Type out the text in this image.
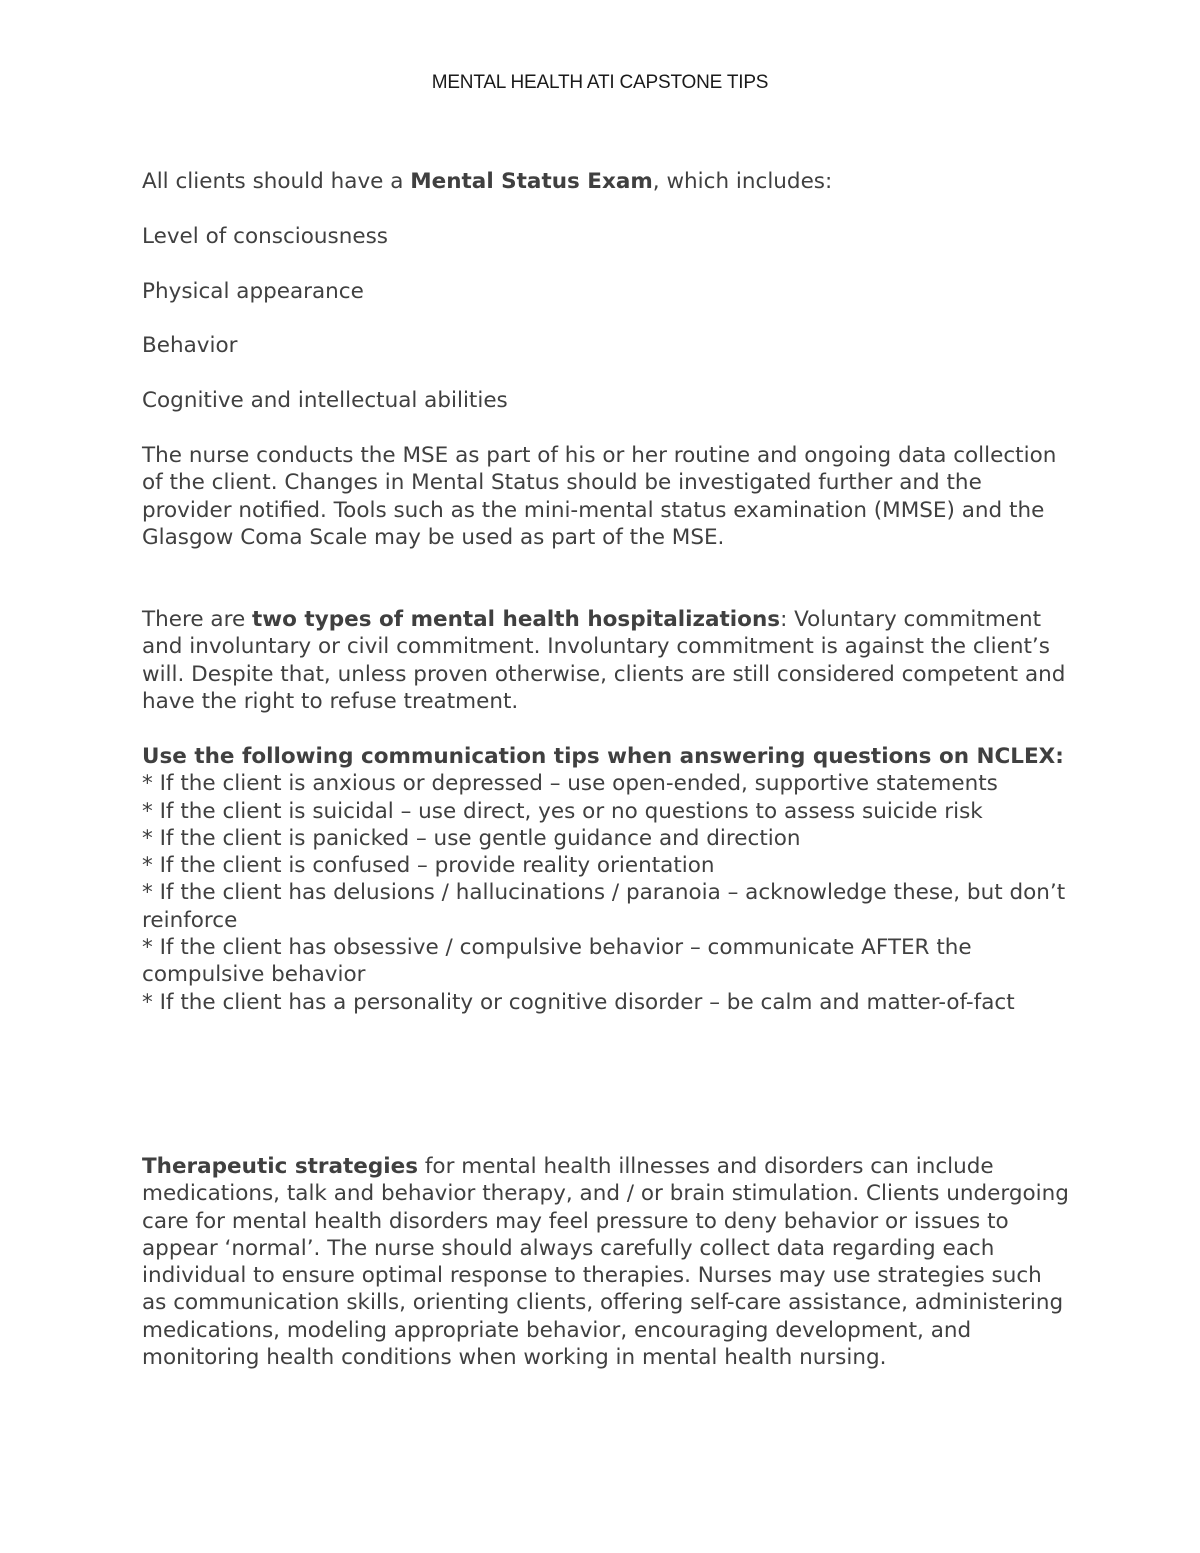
MENTAL HEALTH ATI CAPSTONE TIPS

All clients should have a Mental Status Exam, which includes:

Level of consciousness

Physical appearance

Behavior

Cognitive and intellectual abilities

The nurse conducts the MSE as part of his or her routine and ongoing data collection of the client. Changes in Mental Status should be investigated further and the provider notified. Tools such as the mini-mental status examination (MMSE) and the Glasgow Coma Scale may be used as part of the MSE.

There are two types of mental health hospitalizations: Voluntary commitment and involuntary or civil commitment. Involuntary commitment is against the client’s will. Despite that, unless proven otherwise, clients are still considered competent and have the right to refuse treatment.

Use the following communication tips when answering questions on NCLEX:
* If the client is anxious or depressed – use open-ended, supportive statements
* If the client is suicidal – use direct, yes or no questions to assess suicide risk
* If the client is panicked – use gentle guidance and direction
* If the client is confused – provide reality orientation
* If the client has delusions / hallucinations / paranoia – acknowledge these, but don’t reinforce
* If the client has obsessive / compulsive behavior – communicate AFTER the compulsive behavior
* If the client has a personality or cognitive disorder – be calm and matter-of-fact

Therapeutic strategies for mental health illnesses and disorders can include medications, talk and behavior therapy, and / or brain stimulation. Clients undergoing care for mental health disorders may feel pressure to deny behavior or issues to appear ‘normal’. The nurse should always carefully collect data regarding each individual to ensure optimal response to therapies. Nurses may use strategies such as communication skills, orienting clients, offering self-care assistance, administering medications, modeling appropriate behavior, encouraging development, and monitoring health conditions when working in mental health nursing.
